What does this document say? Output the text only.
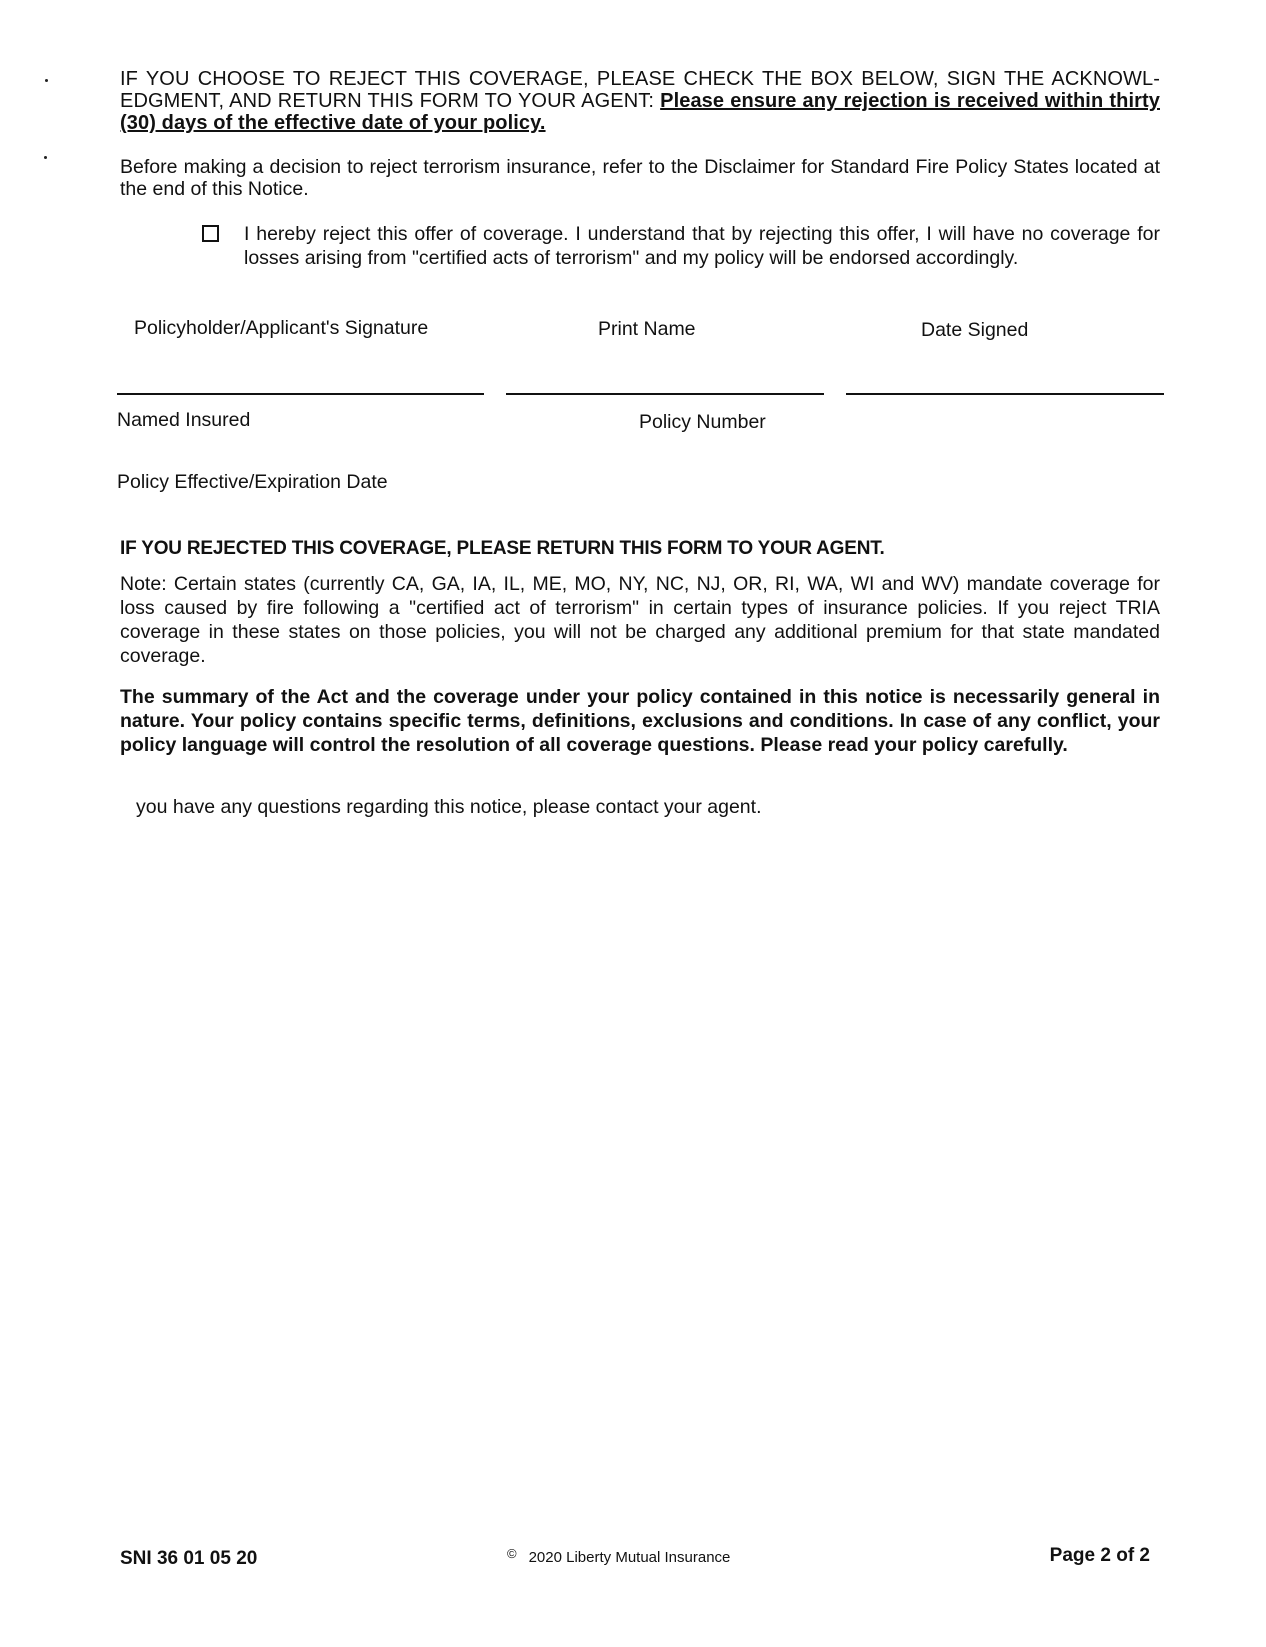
IF YOU CHOOSE TO REJECT THIS COVERAGE, PLEASE CHECK THE BOX BELOW, SIGN THE ACKNOWL-EDGMENT, AND RETURN THIS FORM TO YOUR AGENT: Please ensure any rejection is received within thirty (30) days of the effective date of your policy.
Before making a decision to reject terrorism insurance, refer to the Disclaimer for Standard Fire Policy States located at the end of this Notice.
I hereby reject this offer of coverage. I understand that by rejecting this offer, I will have no coverage for losses arising from "certified acts of terrorism" and my policy will be endorsed accordingly.
Policyholder/Applicant's Signature	Print Name	Date Signed
Named Insured	Policy Number
Policy Effective/Expiration Date
IF YOU REJECTED THIS COVERAGE, PLEASE RETURN THIS FORM TO YOUR AGENT.
Note: Certain states (currently CA, GA, IA, IL, ME, MO, NY, NC, NJ, OR, RI, WA, WI and WV) mandate coverage for loss caused by fire following a "certified act of terrorism" in certain types of insurance policies. If you reject TRIA coverage in these states on those policies, you will not be charged any additional premium for that state mandated coverage.
The summary of the Act and the coverage under your policy contained in this notice is necessarily general in nature. Your policy contains specific terms, definitions, exclusions and conditions. In case of any conflict, your policy language will control the resolution of all coverage questions. Please read your policy carefully.
you have any questions regarding this notice, please contact your agent.
SNI 36 01 05 20	© 2020 Liberty Mutual Insurance	Page 2 of 2
